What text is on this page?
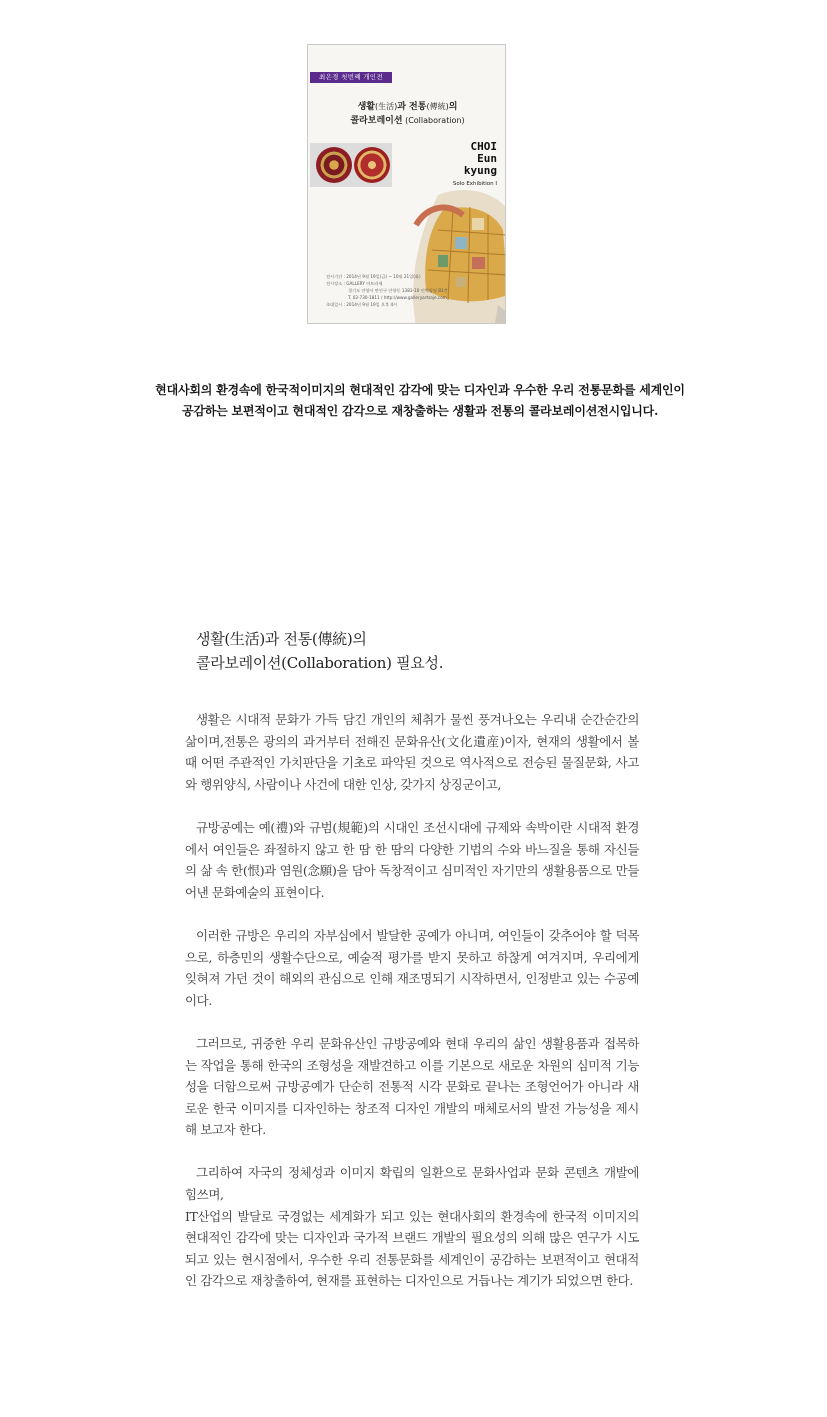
최은경 첫번째 개인전
생활(生活)과 전통(傳統)의
콜라보레이션 (Collaboration)
CHOI
Eun
kyung
Solo Exhibition I
전시기간 : 2014년 9월 19일(금) ~ 10월 21일(화)
전시장소 : GALLERY 아트라제
경기도 안양시 만안구 안양동 1383-10 인덕빌딩 B1층
T. 02-730-1811 / http://www.galleryartsaje.com
초대일시 : 2014년 9월 19일 오후 4시
현대사회의 환경속에 한국적이미지의 현대적인 감각에 맞는 디자인과 우수한 우리 전통문화를 세계인이
공감하는 보편적이고 현대적인 감각으로 재창출하는 생활과 전통의 콜라보레이션전시입니다.
생활(生活)과 전통(傳統)의
콜라보레이션(Collaboration) 필요성.

생활은 시대적 문화가 가득 담긴 개인의 체취가 물씬 풍겨나오는 우리내 순간순간의 삶이며,전통은 광의의 과거부터 전해진 문화유산(文化遺産)이자, 현재의 생활에서 볼 때 어떤 주관적인 가치판단을 기초로 파악된 것으로 역사적으로 전승된 물질문화, 사고와 행위양식, 사람이나 사건에 대한 인상, 갖가지 상징군이고,

규방공예는 예(禮)와 규범(規範)의 시대인 조선시대에 규제와 속박이란 시대적 환경에서 여인들은 좌절하지 않고 한 땀 한 땀의 다양한 기법의 수와 바느질을 통해 자신들의 삶 속 한(恨)과 염원(念願)을 담아 독창적이고 심미적인 자기만의 생활용품으로 만들어낸 문화예술의 표현이다.

이러한 규방은 우리의 자부심에서 발달한 공예가 아니며, 여인들이 갖추어야 할 덕목으로, 하층민의 생활수단으로, 예술적 평가를 받지 못하고 하찮게 여겨지며, 우리에게 잊혀져 가던 것이 해외의 관심으로 인해 재조명되기 시작하면서, 인정받고 있는 수공예이다.

그러므로, 귀중한 우리 문화유산인 규방공예와 현대 우리의 삶인 생활용품과 접목하는 작업을 통해 한국의 조형성을 재발견하고 이를 기본으로 새로운 차원의 심미적 기능성을 더함으로써 규방공예가 단순히 전통적 시각 문화로 끝나는 조형언어가 아니라 새로운 한국 이미지를 디자인하는 창조적 디자인 개발의 매체로서의 발전 가능성을 제시해 보고자 한다.

그리하여 자국의 정체성과 이미지 확립의 일환으로 문화사업과 문화 콘텐츠 개발에 힘쓰며,

IT산업의 발달로 국경없는 세계화가 되고 있는 현대사회의 환경속에 한국적 이미지의 현대적인 감각에 맞는 디자인과 국가적 브랜드 개발의 필요성의 의해 많은 연구가 시도되고 있는 현시점에서, 우수한 우리 전통문화를 세계인이 공감하는 보편적이고 현대적인 감각으로 재창출하여, 현재를 표현하는 디자인으로 거듭나는 계기가 되었으면 한다.
